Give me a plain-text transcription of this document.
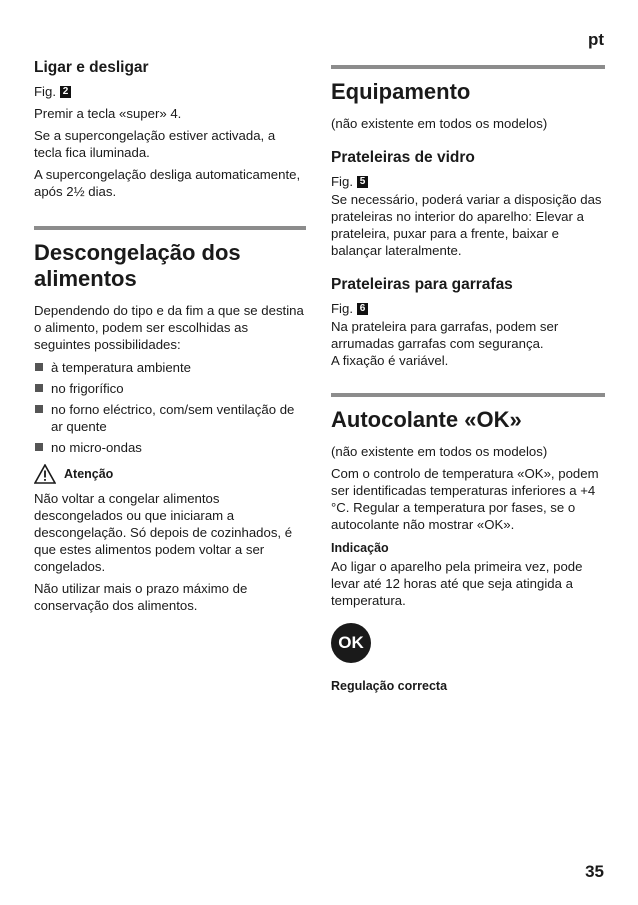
pt
Ligar e desligar
Fig. 2
Premir a tecla «super» 4.
Se a supercongelação estiver activada, a tecla fica iluminada.
A supercongelação desliga automaticamente, após 2½ dias.
Descongelação dos
alimentos
Dependendo do tipo e da fim a que se destina o alimento, podem ser escolhidas as seguintes possibilidades:
à temperatura ambiente
no frigorífico
no forno eléctrico, com/sem ventilação de ar quente
no micro-ondas
Atenção
Não voltar a congelar alimentos descongelados ou que iniciaram a descongelação. Só depois de cozinhados, é que estes alimentos podem voltar a ser congelados.
Não utilizar mais o prazo máximo de conservação dos alimentos.
Equipamento
(não existente em todos os modelos)
Prateleiras de vidro
Fig. 5
Se necessário, poderá variar a disposição das prateleiras no interior do aparelho: Elevar a prateleira, puxar para a frente, baixar e balançar lateralmente.
Prateleiras para garrafas
Fig. 6
Na prateleira para garrafas, podem ser arrumadas garrafas com segurança.
A fixação é variável.
Autocolante «OK»
(não existente em todos os modelos)
Com o controlo de temperatura «OK», podem ser identificadas temperaturas inferiores a +4 °C. Regular a temperatura por fases, se o autocolante não mostrar «OK».
Indicação
Ao ligar o aparelho pela primeira vez, pode levar até 12 horas até que seja atingida a temperatura.
OK
Regulação correcta
35
